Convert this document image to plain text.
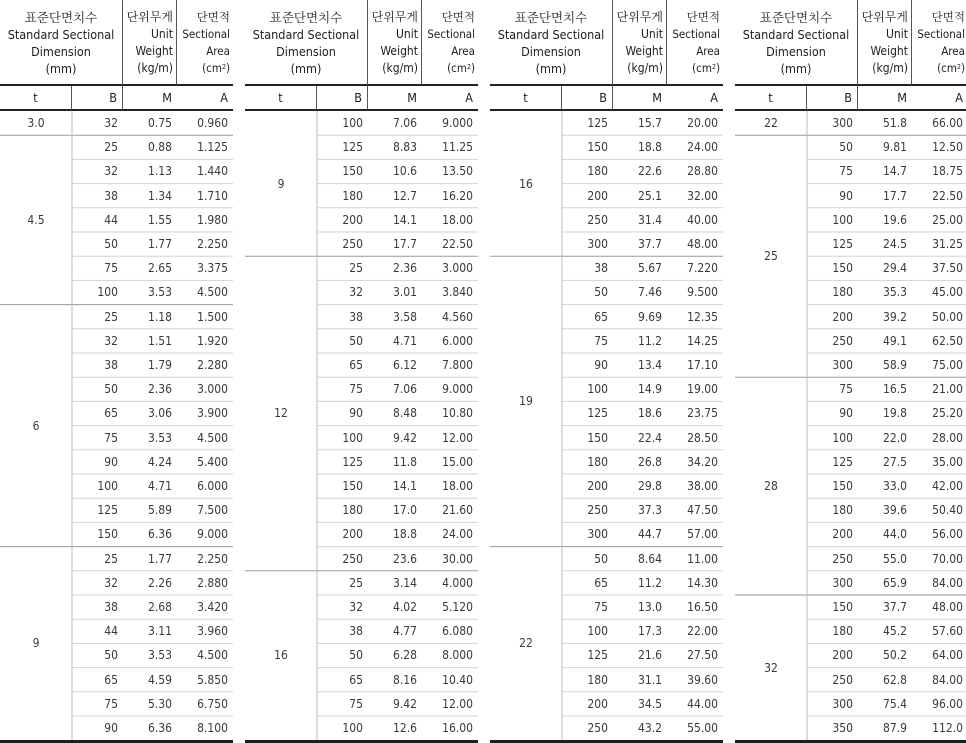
표준단면치수
Standard Sectional
Dimension
(mm)
단위무게
Unit
Weight
(kg/m)
단면적
Sectional
Area
$(cm^2)$
t	B	M	A
3.0	32	0.75	0.960
4.5
25	0.88	1.125
32	1.13	1.440
38	1.34	1.710
44	1.55	1.980
50	1.77	2.250
75	2.65	3.375
100	3.53	4.500
6
25	1.18	1.500
32	1.51	1.920
38	1.79	2.280
50	2.36	3.000
65	3.06	3.900
75	3.53	4.500
90	4.24	5.400
100	4.71	6.000
125	5.89	7.500
150	6.36	9.000
9
25	1.77	2.250
32	2.26	2.880
38	2.68	3.420
44	3.11	3.960
50	3.53	4.500
65	4.59	5.850
75	5.30	6.750
90	6.36	8.100
표준단면치수
Standard Sectional
Dimension
(mm)
단위무게
Unit
Weight
(kg/m)
단면적
Sectional
Area
$(cm^2)$
t	B	M	A
9
100	7.06	9.000
125	8.83	11.25
150	10.6	13.50
180	12.7	16.20
200	14.1	18.00
250	17.7	22.50
12
25	2.36	3.000
32	3.01	3.840
38	3.58	4.560
50	4.71	6.000
65	6.12	7.800
75	7.06	9.000
90	8.48	10.80
100	9.42	12.00
125	11.8	15.00
150	14.1	18.00
180	17.0	21.60
200	18.8	24.00
250	23.6	30.00
16
25	3.14	4.000
32	4.02	5.120
38	4.77	6.080
50	6.28	8.000
65	8.16	10.40
75	9.42	12.00
100	12.6	16.00
표준단면치수
Standard Sectional
Dimension
(mm)
단위무게
Unit
Weight
(kg/m)
단면적
Sectional
Area
$(cm^2)$
t	B	M	A
16
125	15.7	20.00
150	18.8	24.00
180	22.6	28.80
200	25.1	32.00
250	31.4	40.00
300	37.7	48.00
19
38	5.67	7.220
50	7.46	9.500
65	9.69	12.35
75	11.2	14.25
90	13.4	17.10
100	14.9	19.00
125	18.6	23.75
150	22.4	28.50
180	26.8	34.20
200	29.8	38.00
250	37.3	47.50
300	44.7	57.00
22
50	8.64	11.00
65	11.2	14.30
75	13.0	16.50
100	17.3	22.00
125	21.6	27.50
180	31.1	39.60
200	34.5	44.00
250	43.2	55.00
표준단면치수
Standard Sectional
Dimension
(mm)
단위무게
Unit
Weight
(kg/m)
단면적
Sectional
Area
$(cm^2)$
t	B	M	A
22	300	51.8	66.00
25
50	9.81	12.50
75	14.7	18.75
90	17.7	22.50
100	19.6	25.00
125	24.5	31.25
150	29.4	37.50
180	35.3	45.00
200	39.2	50.00
250	49.1	62.50
300	58.9	75.00
28
75	16.5	21.00
90	19.8	25.20
100	22.0	28.00
125	27.5	35.00
150	33.0	42.00
180	39.6	50.40
200	44.0	56.00
250	55.0	70.00
300	65.9	84.00
32
150	37.7	48.00
180	45.2	57.60
200	50.2	64.00
250	62.8	84.00
300	75.4	96.00
350	87.9	112.0
